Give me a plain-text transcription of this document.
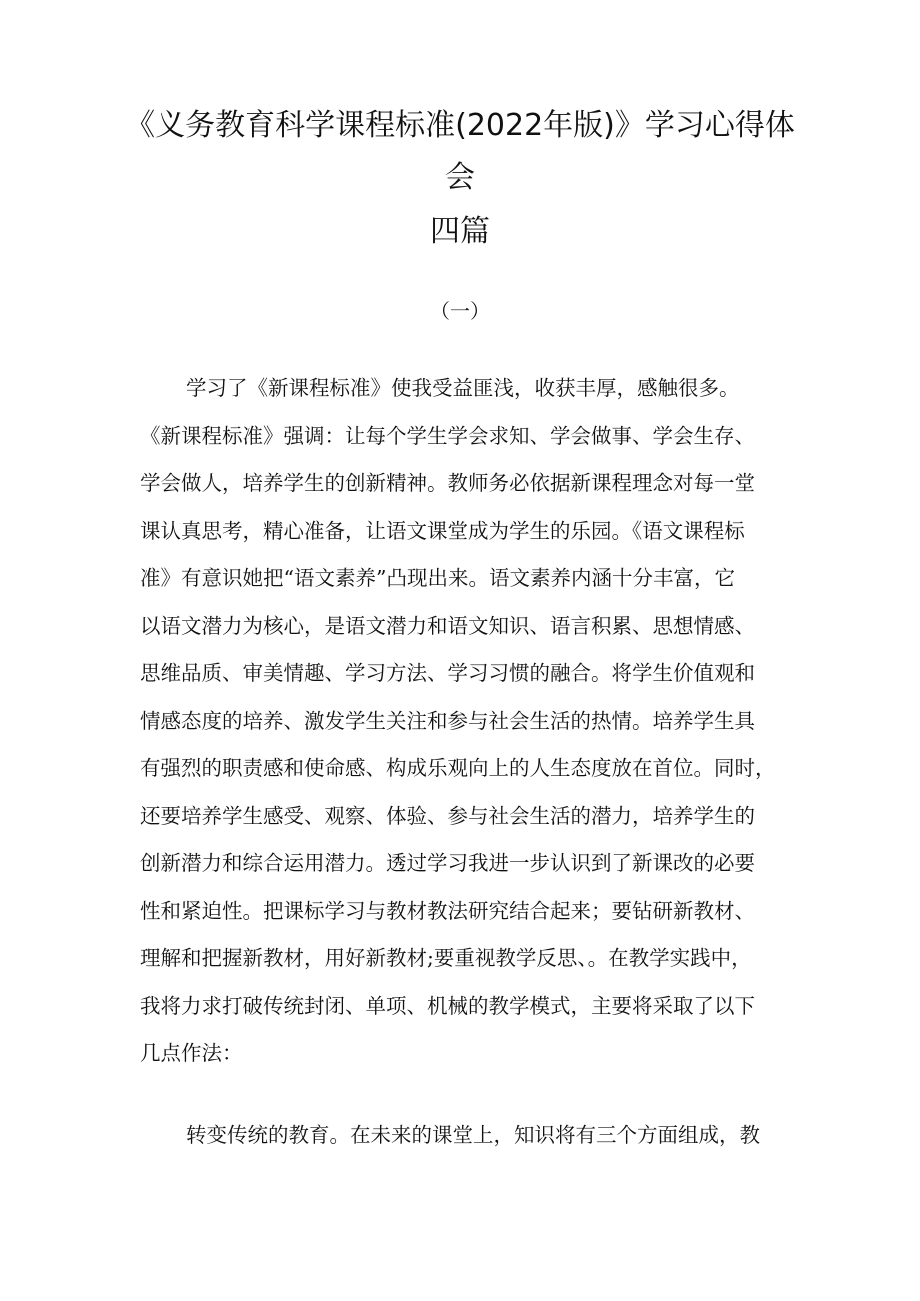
《义务教育科学课程标准(2022年版)》学习心得体
会
四篇
（一）
学习了《新课程标准》使我受益匪浅，收获丰厚，感触很多。
《新课程标准》强调：让每个学生学会求知、学会做事、学会生存、
学会做人，培养学生的创新精神。教师务必依据新课程理念对每一堂
课认真思考，精心准备，让语文课堂成为学生的乐园。《语文课程标
准》有意识她把“语文素养”凸现出来。语文素养内涵十分丰富，它
以语文潜力为核心，是语文潜力和语文知识、语言积累、思想情感、
思维品质、审美情趣、学习方法、学习习惯的融合。将学生价值观和
情感态度的培养、激发学生关注和参与社会生活的热情。培养学生具
有强烈的职责感和使命感、构成乐观向上的人生态度放在首位。同时，
还要培养学生感受、观察、体验、参与社会生活的潜力，培养学生的
创新潜力和综合运用潜力。透过学习我进一步认识到了新课改的必要
性和紧迫性。把课标学习与教材教法研究结合起来；要钻研新教材、
理解和把握新教材，用好新教材;要重视教学反思、。在教学实践中，
我将力求打破传统封闭、单项、机械的教学模式，主要将采取了以下
几点作法：
转变传统的教育。在未来的课堂上，知识将有三个方面组成，教
